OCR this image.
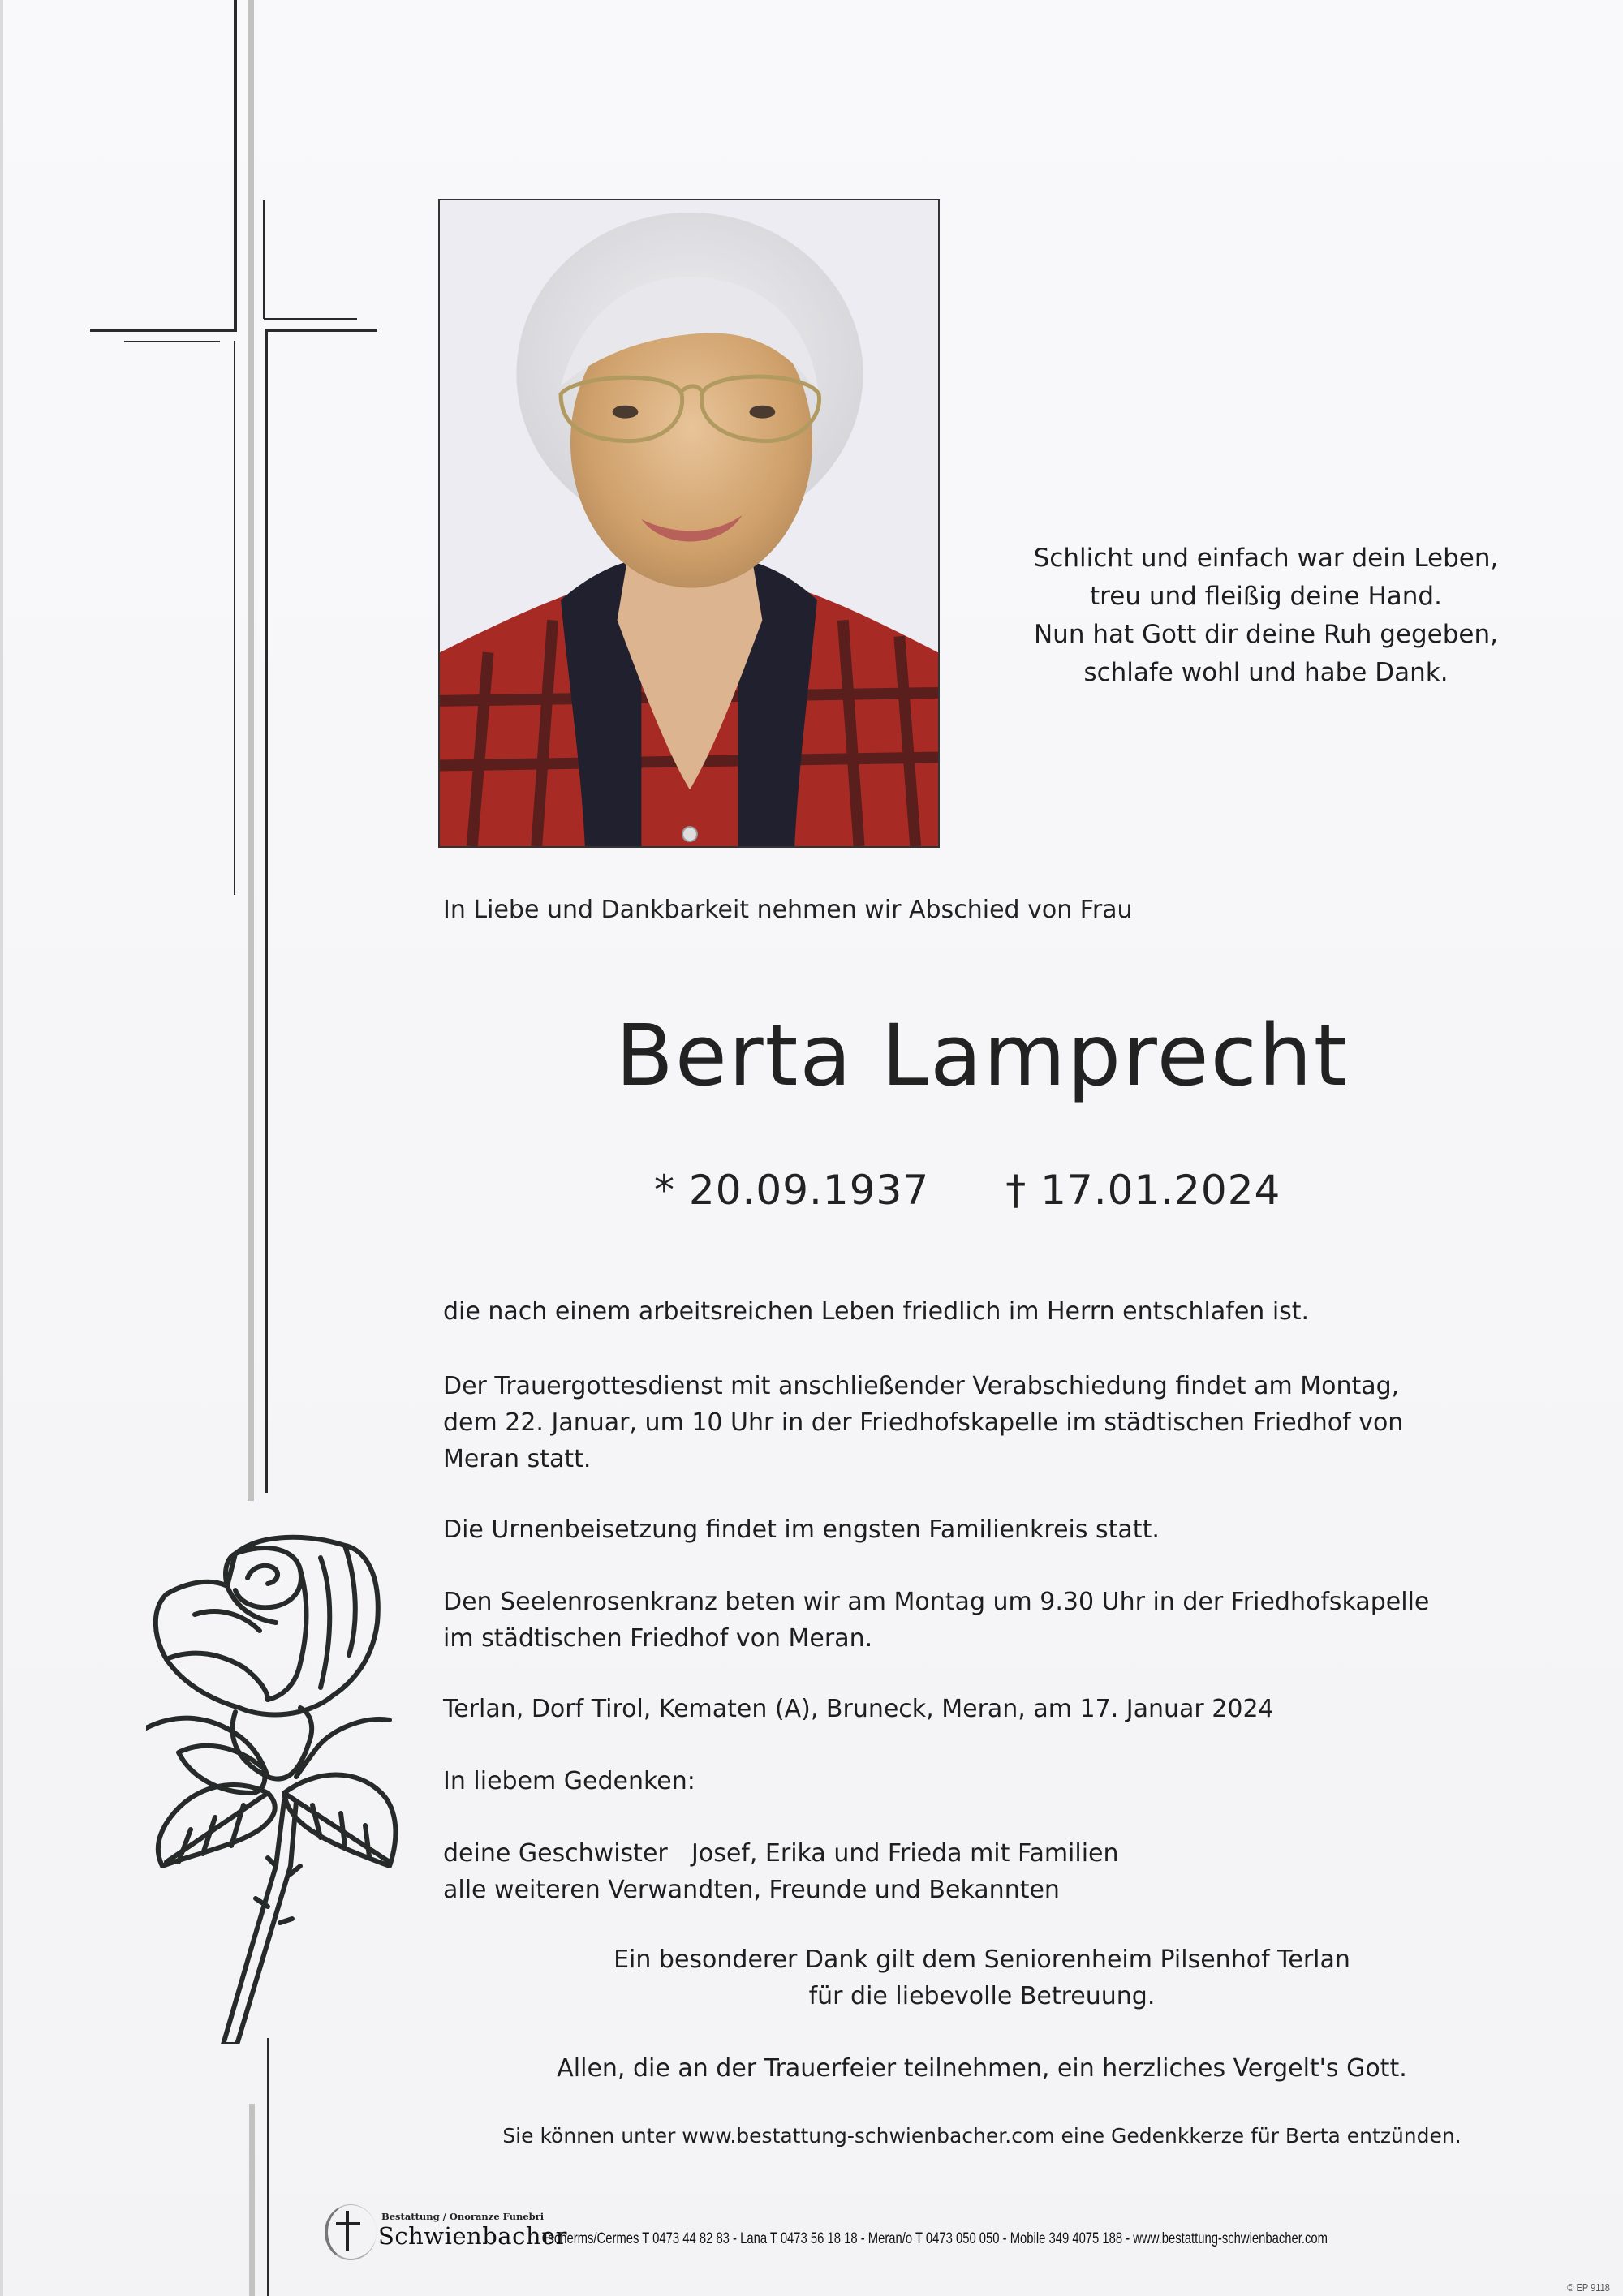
Schlicht und einfach war dein Leben,
treu und fleißig deine Hand.
Nun hat Gott dir deine Ruh gegeben,
schlafe wohl und habe Dank.
In Liebe und Dankbarkeit nehmen wir Abschied von Frau
Berta Lamprecht
* 20.09.1937 † 17.01.2024
die nach einem arbeitsreichen Leben friedlich im Herrn entschlafen ist.
Der Trauergottesdienst mit anschließender Verabschiedung findet am Montag,
dem 22. Januar, um 10 Uhr in der Friedhofskapelle im städtischen Friedhof von
Meran statt.
Die Urnenbeisetzung findet im engsten Familienkreis statt.
Den Seelenrosenkranz beten wir am Montag um 9.30 Uhr in der Friedhofskapelle
im städtischen Friedhof von Meran.
Terlan, Dorf Tirol, Kematen (A), Bruneck, Meran, am 17. Januar 2024
In liebem Gedenken:
deine Geschwister Josef, Erika und Frieda mit Familien
alle weiteren Verwandten, Freunde und Bekannten
Ein besonderer Dank gilt dem Seniorenheim Pilsenhof Terlan
für die liebevolle Betreuung.
Allen, die an der Trauerfeier teilnehmen, ein herzliches Vergelt's Gott.
Sie können unter www.bestattung-schwienbacher.com eine Gedenkkerze für Berta entzünden.
Bestattung / Onoranze Funebri
Schwienbacher
Tscherms/Cermes T 0473 44 82 83 - Lana T 0473 56 18 18 - Meran/o T 0473 050 050 - Mobile 349 4075 188 - www.bestattung-schwienbacher.com
© EP 9118
